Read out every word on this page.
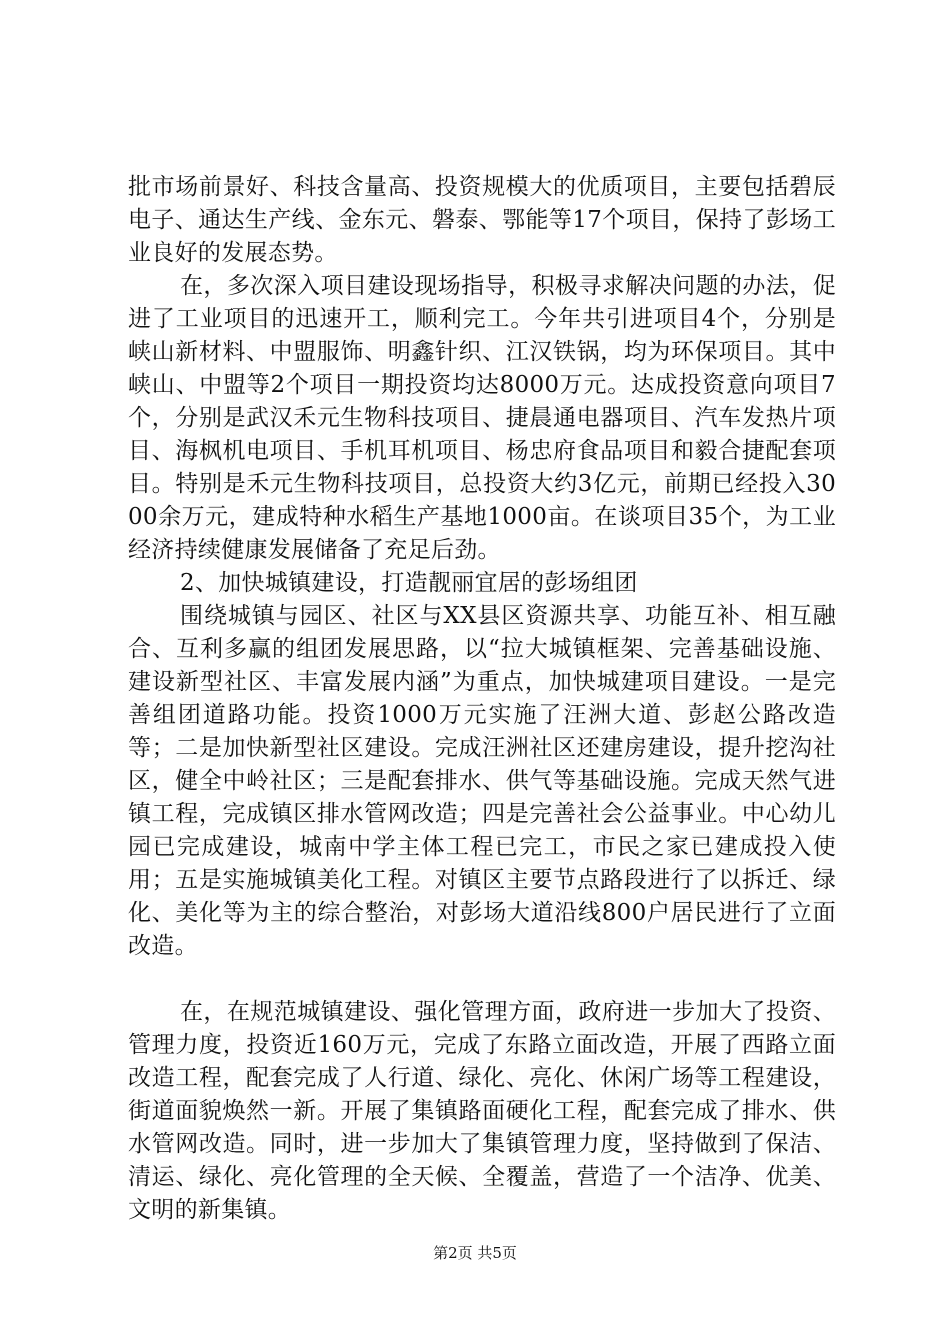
批市场前景好、科技含量高、投资规模大的优质项目，主要包括碧辰电子、通达生产线、金东元、磐泰、鄂能等17个项目，保持了彭场工业良好的发展态势。

在，多次深入项目建设现场指导，积极寻求解决问题的办法，促进了工业项目的迅速开工，顺利完工。今年共引进项目4个，分别是峡山新材料、中盟服饰、明鑫针织、江汉铁锅，均为环保项目。其中峡山、中盟等2个项目一期投资均达8000万元。达成投资意向项目7个，分别是武汉禾元生物科技项目、捷晨通电器项目、汽车发热片项目、海枫机电项目、手机耳机项目、杨忠府食品项目和毅合捷配套项目。特别是禾元生物科技项目，总投资大约3亿元，前期已经投入3000余万元，建成特种水稻生产基地1000亩。在谈项目35个，为工业经济持续健康发展储备了充足后劲。

2、加快城镇建设，打造靓丽宜居的彭场组团

围绕城镇与园区、社区与XX县区资源共享、功能互补、相互融合、互利多赢的组团发展思路，以“拉大城镇框架、完善基础设施、建设新型社区、丰富发展内涵”为重点，加快城建项目建设。一是完善组团道路功能。投资1000万元实施了汪洲大道、彭赵公路改造等；二是加快新型社区建设。完成汪洲社区还建房建设，提升挖沟社区，健全中岭社区；三是配套排水、供气等基础设施。完成天然气进镇工程，完成镇区排水管网改造；四是完善社会公益事业。中心幼儿园已完成建设，城南中学主体工程已完工，市民之家已建成投入使用；五是实施城镇美化工程。对镇区主要节点路段进行了以拆迁、绿化、美化等为主的综合整治，对彭场大道沿线800户居民进行了立面改造。

在，在规范城镇建设、强化管理方面，政府进一步加大了投资、管理力度，投资近160万元，完成了东路立面改造，开展了西路立面改造工程，配套完成了人行道、绿化、亮化、休闲广场等工程建设，街道面貌焕然一新。开展了集镇路面硬化工程，配套完成了排水、供水管网改造。同时，进一步加大了集镇管理力度，坚持做到了保洁、清运、绿化、亮化管理的全天候、全覆盖，营造了一个洁净、优美、文明的新集镇。

第2页 共5页
